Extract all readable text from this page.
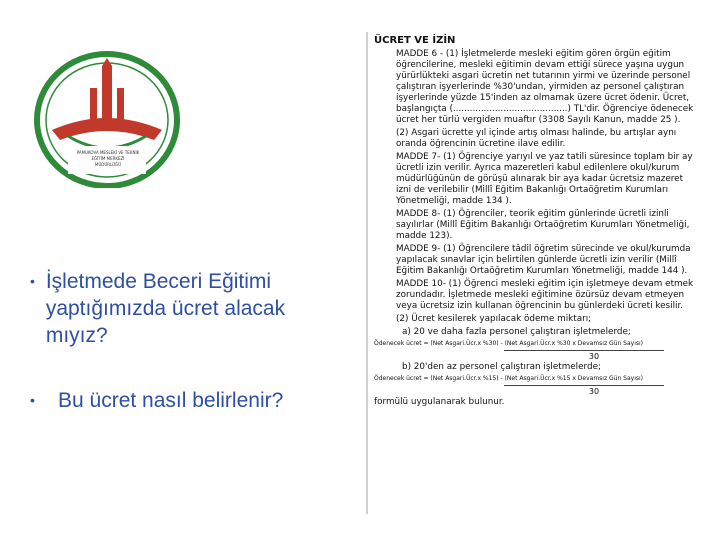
PAMUKOVA MESLEKİ VE TEKNİK
EĞİTİM MERKEZİ
MÜDÜRLÜĞÜ
• İşletmede Beceri Eğitimi yaptığımızda ücret alacak mıyız?
•	Bu ücret nasıl belirlenir?
ÜCRET VE İZİN

MADDE 6 - (1) İşletmelerde mesleki eğitim gören örgün eğitim öğrencilerine, mesleki eğitimin devam ettiği sürece yaşına uygun yürürlükteki asgari ücretin net tutarının yirmi ve üzerinde personel çalıştıran işyerlerinde %30'undan, yirmiden az personel çalıştıran işyerlerinde yüzde 15'inden az olmamak üzere ücret ödenir. Ücret, başlangıçta (.........................................) TL'dir. Öğrenciye ödenecek ücret her türlü vergiden muaftır (3308 Sayılı Kanun, madde 25 ).

(2) Asgari ücrette yıl içinde artış olması halinde, bu artışlar aynı oranda öğrencinin ücretine ilave edilir.

MADDE 7- (1) Öğrenciye yarıyıl ve yaz tatili süresince toplam bir ay ücretli izin verilir. Ayrıca mazeretleri kabul edilenlere okul/kurum müdürlüğünün de görüşü alınarak bir aya kadar ücretsiz mazeret izni de verilebilir (Millî Eğitim Bakanlığı Ortaöğretim Kurumları Yönetmeliği, madde 134 ).

MADDE 8- (1) Öğrenciler, teorik eğitim günlerinde ücretli izinli sayılırlar (Millî Eğitim Bakanlığı Ortaöğretim Kurumları Yönetmeliği, madde 123).

MADDE 9- (1) Öğrencilere tâdil öğretim sürecinde ve okul/kurumda yapılacak sınavlar için belirtilen günlerde ücretli izin verilir (Millî Eğitim Bakanlığı Ortaöğretim Kurumları Yönetmeliği, madde 144 ).

MADDE 10- (1) Öğrenci mesleki eğitim için işletmeye devam etmek zorundadır. İşletmede mesleki eğitimine özürsüz devam etmeyen veya ücretsiz izin kullanan öğrencinin bu günlerdeki ücreti kesilir.

(2) Ücret kesilerek yapılacak ödeme miktarı;

a) 20 ve daha fazla personel çalıştıran işletmelerde;

Ödenecek ücret = (Net Asgari.Ücr.x %30) - (Net Asgari.Ücr.x %30 x Devamsız Gün Sayısı)

30

b) 20'den az personel çalıştıran işletmelerde;

Ödenecek ücret = (Net Asgari.Ücr.x %15) - (Net Asgari.Ücr.x %15 x Devamsız Gün Sayısı)

30

formülü uygulanarak bulunur.
